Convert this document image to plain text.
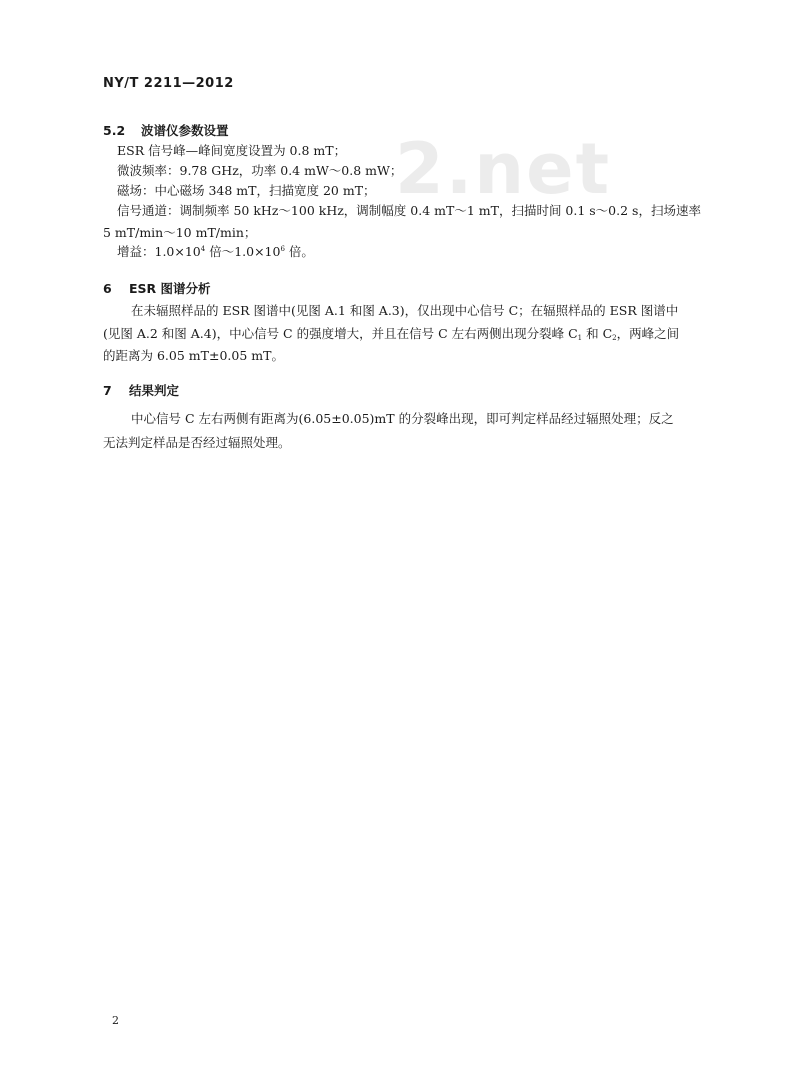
2.net
NY/T 2211—2012
5.2 波谱仪参数设置
ESR 信号峰—峰间宽度设置为 0.8 mT；
微波频率：9.78 GHz，功率 0.4 mW～0.8 mW；
磁场：中心磁场 348 mT，扫描宽度 20 mT；
信号通道：调制频率 50 kHz～100 kHz，调制幅度 0.4 mT～1 mT，扫描时间 0.1 s～0.2 s，扫场速率
5 mT/min～10 mT/min；
增益：$1.0\times 10^4$ 倍$\sim 1.0\times 10^6$ 倍。
6 ESR 图谱分析
在未辐照样品的 ESR 图谱中(见图 A.1 和图 A.3)，仅出现中心信号 C；在辐照样品的 ESR 图谱中
(见图 A.2 和图 A.4)，中心信号 C 的强度增大，并且在信号 C 左右两侧出现分裂峰 $C_1$ 和 $C_2$，两峰之间
的距离为 6.05 mT±0.05 mT。
7 结果判定
中心信号 C 左右两侧有距离为(6.05±0.05)mT 的分裂峰出现，即可判定样品经过辐照处理；反之
无法判定样品是否经过辐照处理。
2
